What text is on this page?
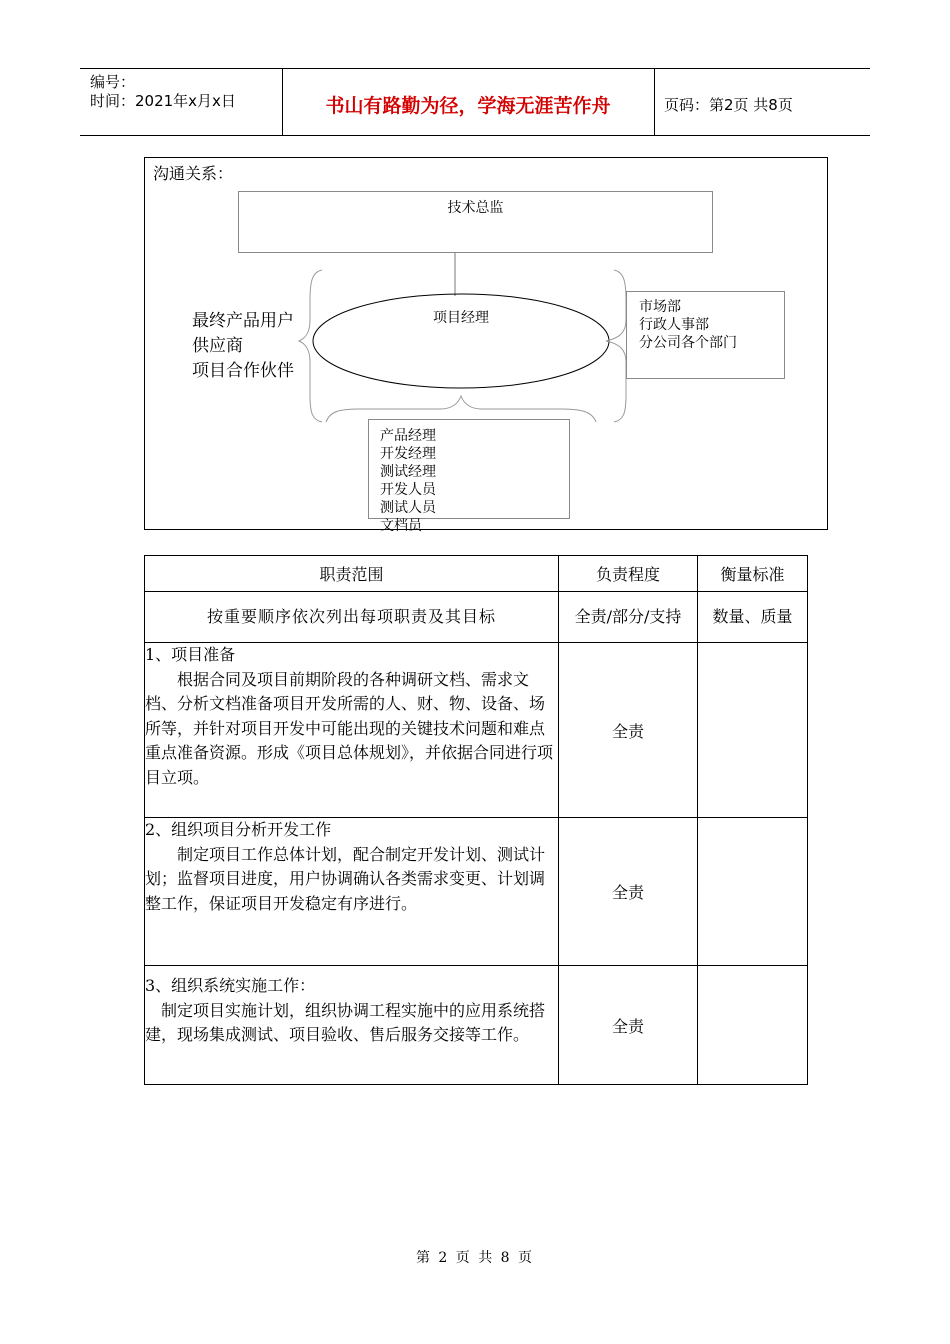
编号：
时间：2021年x月x日	书山有路勤为径，学海无涯苦作舟	页码：第2页 共8页
沟通关系：
技术总监
项目经理
最终产品用户
供应商
项目合作伙伴
市场部
行政人事部
分公司各个部门
产品经理
开发经理
测试经理
开发人员
测试人员
文档员
职责范围	负责程度	衡量标准
按重要顺序依次列出每项职责及其目标	全责/部分/支持	数量、质量

1、项目准备

根据合同及项目前期阶段的各种调研文档、需求文档、分析文档准备项目开发所需的人、财、物、设备、场所等，并针对项目开发中可能出现的关键技术问题和难点重点准备资源。形成《项目总体规划》，并依据合同进行项目立项。	全责	

2、组织项目分析开发工作

制定项目工作总体计划，配合制定开发计划、测试计划；监督项目进度，用户协调确认各类需求变更、计划调整工作，保证项目开发稳定有序进行。	全责	

3、组织系统实施工作：

制定项目实施计划，组织协调工程实施中的应用系统搭建，现场集成测试、项目验收、售后服务交接等工作。	全责	
第 2 页 共 8 页
